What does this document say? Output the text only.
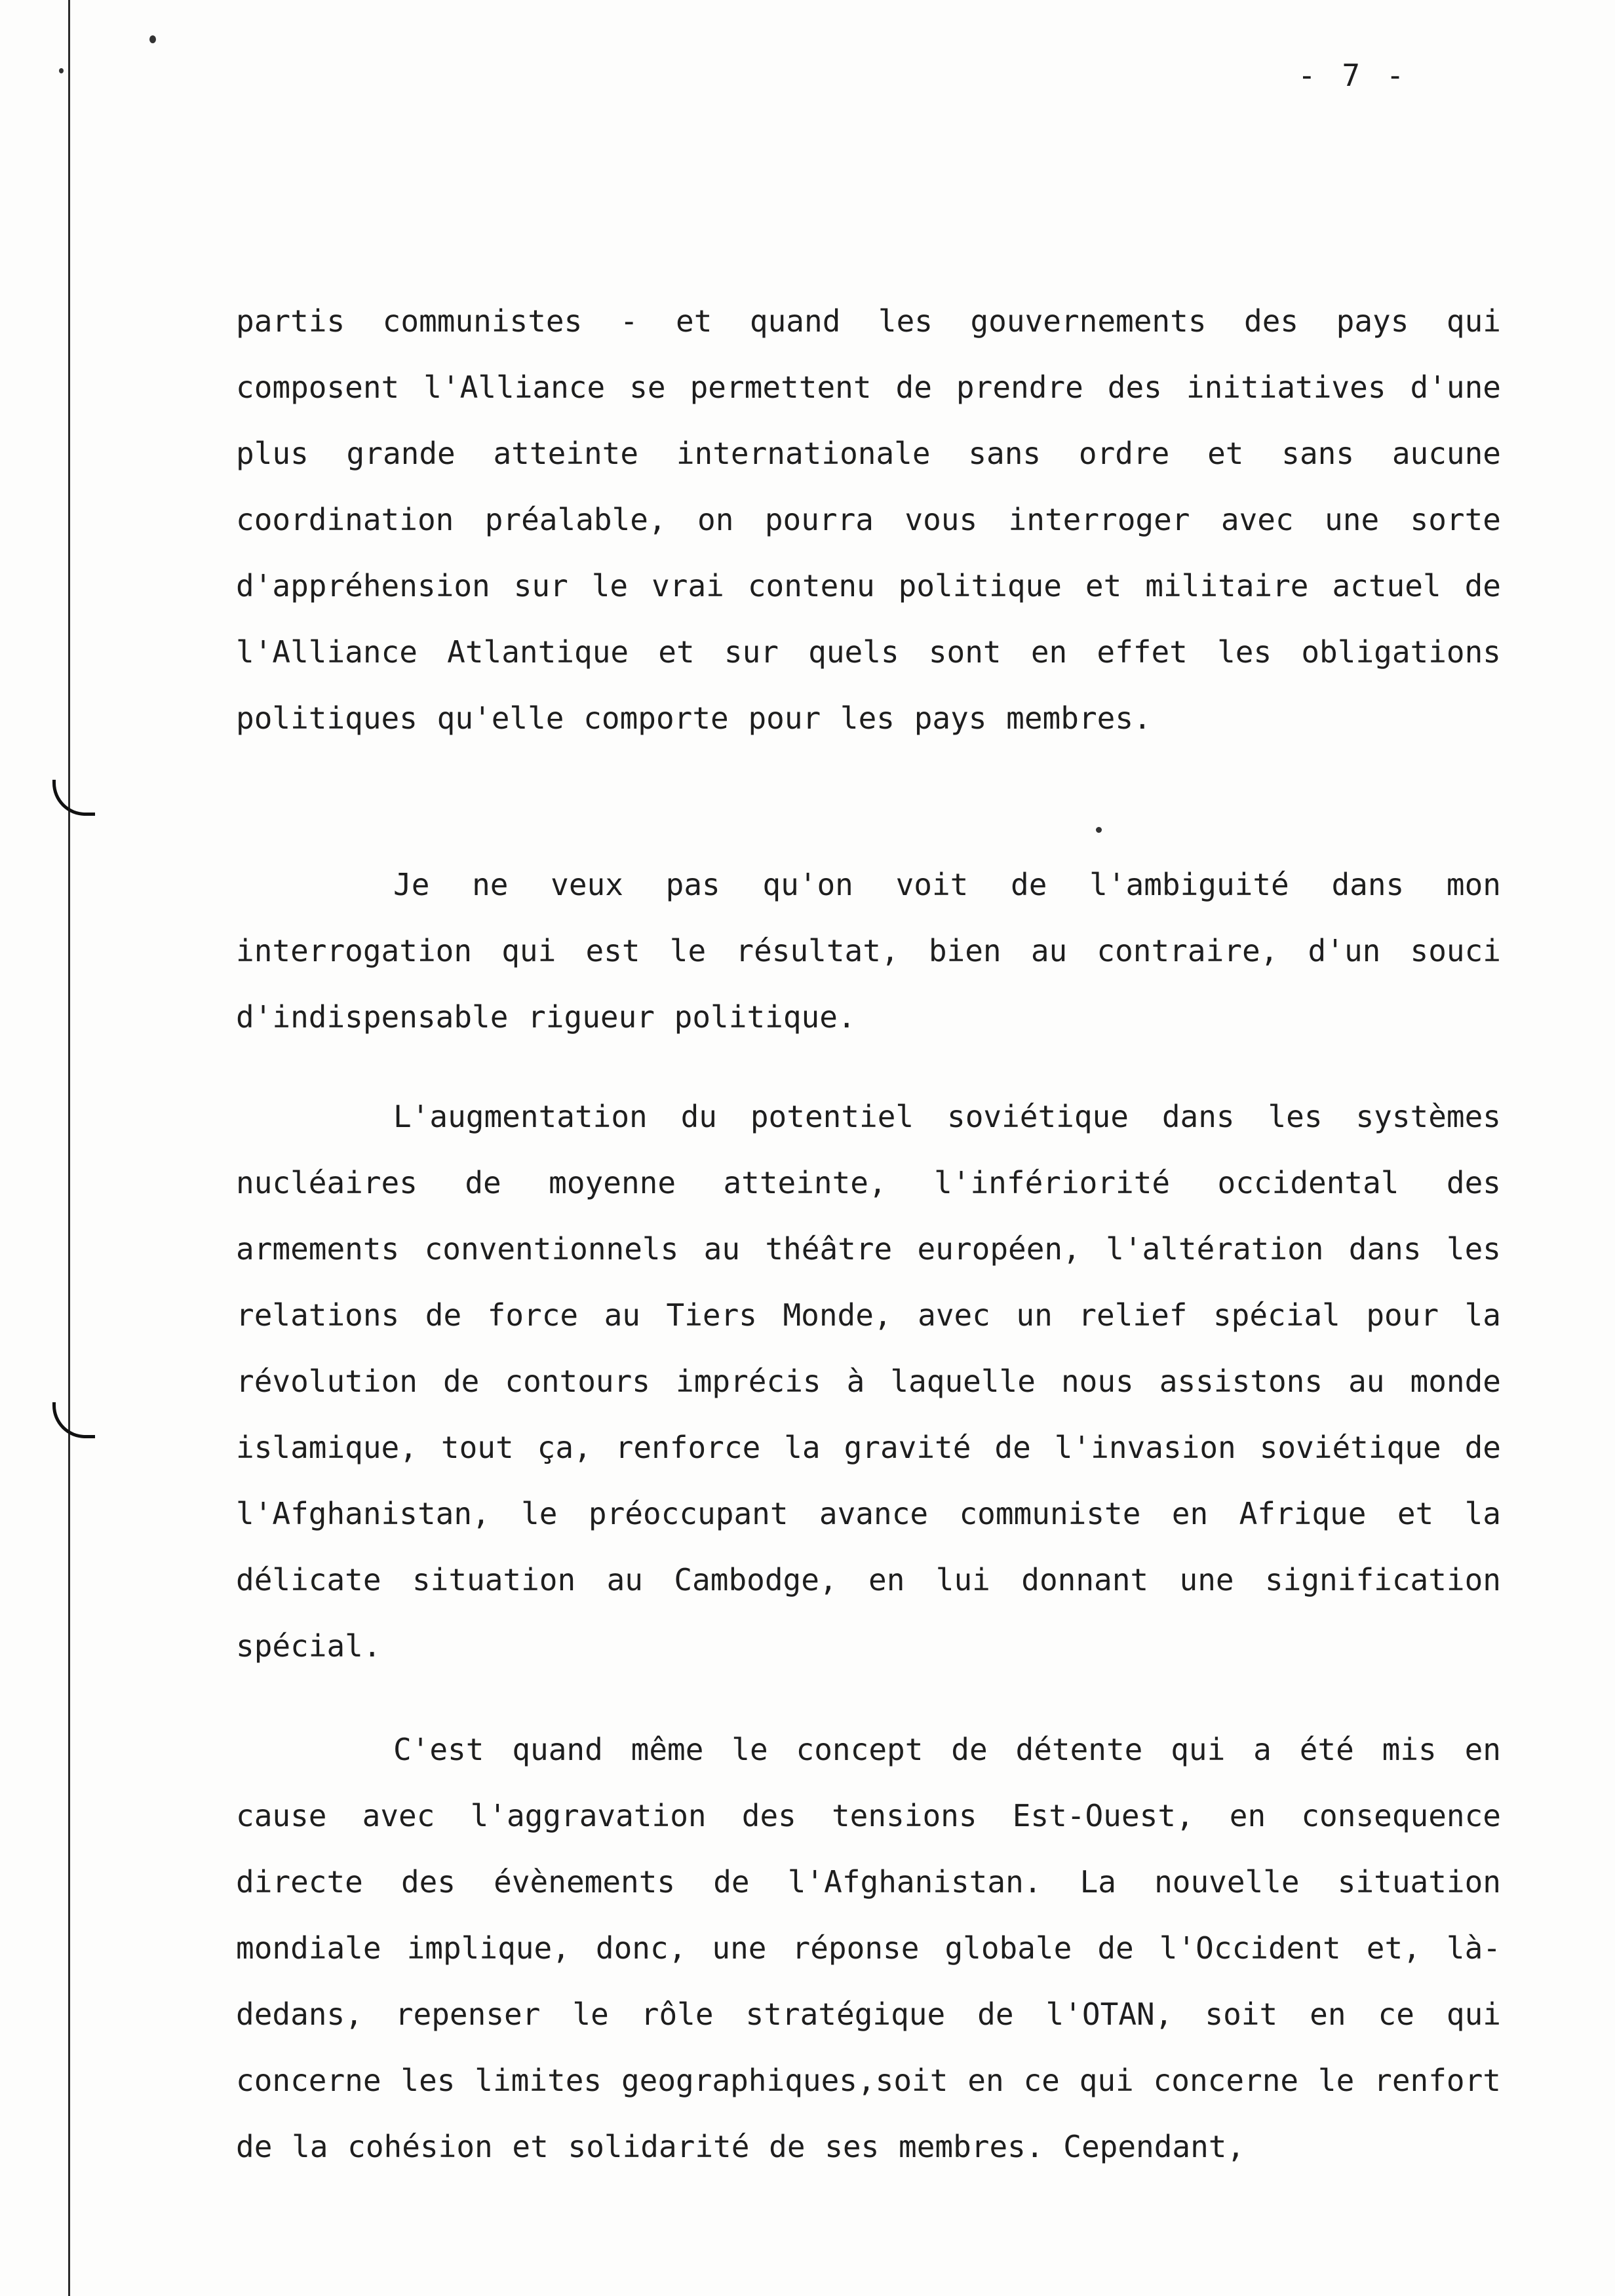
- 7 -

partis communistes - et quand les gouvernements des pays qui composent l'Alliance se permettent de prendre des initiatives d'une plus grande atteinte internationale sans ordre et sans aucune coordination préalable, on pourra vous interroger avec une sorte d'appréhension sur le vrai contenu politique et militaire actuel de l'Alliance Atlantique et sur quels sont en effet les obligations politiques qu'elle comporte pour les pays membres.

Je ne veux pas qu'on voit de l'ambiguité dans mon interrogation qui est le résultat, bien au contraire, d'un souci d'indispensable rigueur politique.

L'augmentation du potentiel soviétique dans les systèmes nucléaires de moyenne atteinte, l'infériorité occidental des armements conventionnels au théâtre européen, l'altération dans les relations de force au Tiers Monde, avec un relief spécial pour la révolution de contours imprécis à laquelle nous assistons au monde islamique, tout ça, renforce la gravité de l'invasion soviétique de l'Afghanistan, le préoccupant avance communiste en Afrique et la délicate situation au Cambodge, en lui donnant une signification spécial.

C'est quand même le concept de détente qui a été mis en cause avec l'aggravation des tensions Est-Ouest, en consequence directe des évènements de l'Afghanistan. La nouvelle situation mondiale implique, donc, une réponse globale de l'Occident et, là-dedans, repenser le rôle stratégique de l'OTAN, soit en ce qui concerne les limites geographiques,soit en ce qui concerne le renfort de la cohésion et solidarité de ses membres. Cependant,
